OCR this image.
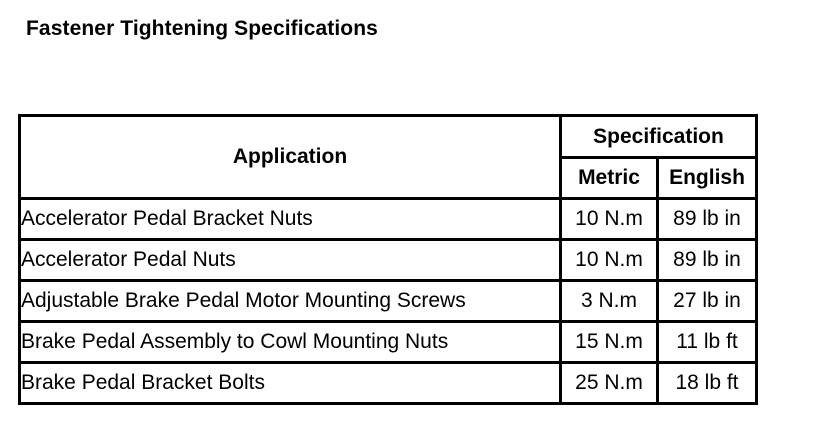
Fastener Tightening Specifications
Application	Specification	
	Metric	English
Accelerator Pedal Bracket Nuts	10 N.m	89 lb in
Accelerator Pedal Nuts	10 N.m	89 lb in
Adjustable Brake Pedal Motor Mounting Screws	3 N.m	27 lb in
Brake Pedal Assembly to Cowl Mounting Nuts	15 N.m	11 lb ft
Brake Pedal Bracket Bolts	25 N.m	18 lb ft
